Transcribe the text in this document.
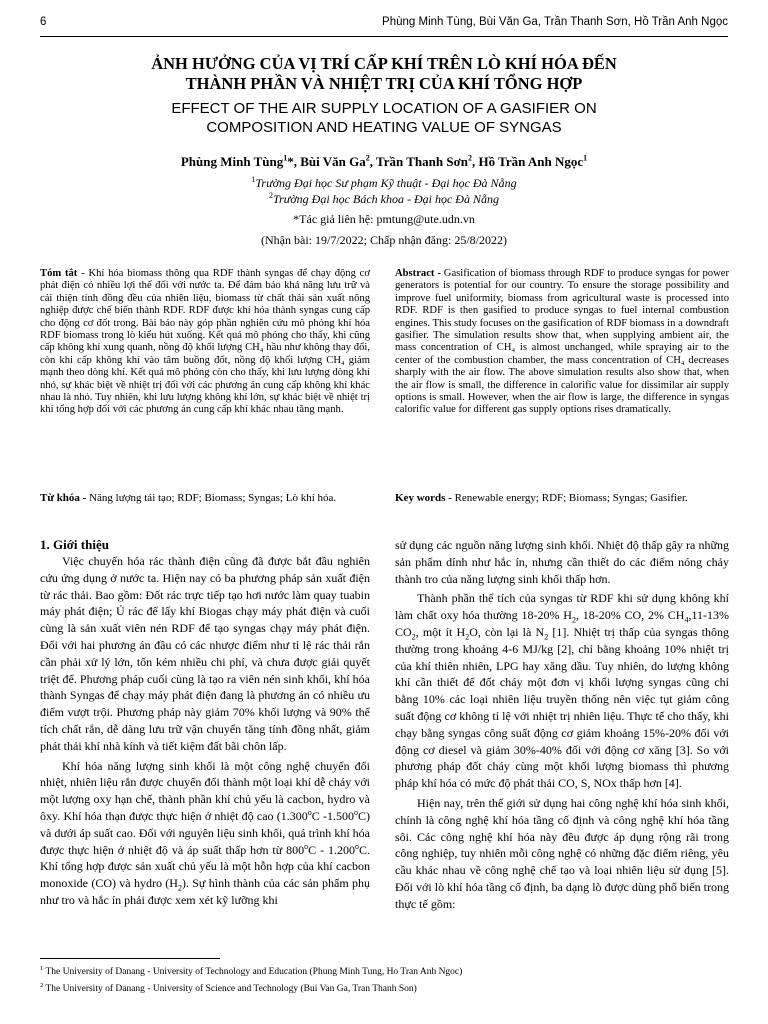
6	Phùng Minh Tùng, Bùi Văn Ga, Trần Thanh Sơn, Hồ Trần Anh Ngọc
ẢNH HƯỞNG CỦA VỊ TRÍ CẤP KHÍ TRÊN LÒ KHÍ HÓA ĐẾN
THÀNH PHẦN VÀ NHIỆT TRỊ CỦA KHÍ TỔNG HỢP
EFFECT OF THE AIR SUPPLY LOCATION OF A GASIFIER ON
COMPOSITION AND HEATING VALUE OF SYNGAS
Phùng Minh Tùng$^1$*, Bùi Văn Ga$^2$, Trần Thanh Sơn$^2$, Hồ Trần Anh Ngọc$^1$
$^1$Trường Đại học Sư phạm Kỹ thuật - Đại học Đà Nẵng
$^2$Trường Đại học Bách khoa - Đại học Đà Nẵng
*Tác giả liên hệ: pmtung@ute.udn.vn
(Nhận bài: 19/7/2022; Chấp nhận đăng: 25/8/2022)
Tóm tắt - Khí hóa biomass thông qua RDF thành syngas để chạy động cơ phát điện có nhiều lợi thế đối với nước ta. Để đảm bảo khả năng lưu trữ và cải thiện tính đồng đều của nhiên liệu, biomass từ chất thải sản xuất nông nghiệp được chế biến thành RDF. RDF được khí hóa thành syngas cung cấp cho động cơ đốt trong. Bài báo này góp phần nghiên cứu mô phỏng khí hóa RDF biomass trong lò kiểu hút xuống. Kết quả mô phỏng cho thấy, khi cũng cấp không khí xung quanh, nồng độ khối lượng CH₄ hầu như không thay đổi, còn khi cấp không khí vào tâm buồng đốt, nồng độ khối lượng CH₄ giảm mạnh theo dòng khí. Kết quả mô phỏng còn cho thấy, khi lưu lượng dòng khí nhỏ, sự khác biệt về nhiệt trị đối với các phương án cung cấp không khí khác nhau là nhỏ. Tuy nhiên, khi lưu lượng không khí lớn, sự khác biệt về nhiệt trị khí tổng hợp đối với các phương án cung cấp khí khác nhau tăng mạnh.
Abstract - Gasification of biomass through RDF to produce syngas for power generators is potential for our country. To ensure the storage possibility and improve fuel uniformity, biomass from agricultural waste is processed into RDF. RDF is then gasified to produce syngas to fuel internal combustion engines. This study focuses on the gasification of RDF biomass in a downdraft gasifier. The simulation results show that, when supplying ambient air, the mass concentration of CH₄ is almost unchanged, while spraying air to the center of the combustion chamber, the mass concentration of CH₄ decreases sharply with the air flow. The above simulation results also show that, when the air flow is small, the difference in calorific value for dissimilar air supply options is small. However, when the air flow is large, the difference in syngas calorific value for different gas supply options rises dramatically.
Từ khóa - Năng lượng tái tạo; RDF; Biomass; Syngas; Lò khí hóa.	Key words - Renewable energy; RDF; Biomass; Syngas; Gasifier.
1. Giới thiệu

Việc chuyển hóa rác thành điện cũng đã được bắt đầu nghiên cứu ứng dụng ở nước ta. Hiện nay có ba phương pháp sản xuất điện từ rác thải. Bao gồm: Đốt rác trực tiếp tạo hơi nước làm quay tuabin máy phát điện; Ủ rác để lấy khí Biogas chạy máy phát điện và cuối cùng là sản xuất viên nén RDF để tạo syngas chạy máy phát điện. Đối với hai phương án đầu có các nhược điểm như tỉ lệ rác thải rắn cần phải xử lý lớn, tốn kém nhiều chi phí, và chưa được giải quyết triệt để. Phương pháp cuối cùng là tạo ra viên nén sinh khối, khí hóa thành Syngas để chạy máy phát điện đang là phương án có nhiều ưu điểm vượt trội. Phương pháp này giảm 70% khối lượng và 90% thể tích chất rắn, dễ dàng lưu trữ vận chuyển tăng tính đồng nhất, giảm phát thải khí nhà kính và tiết kiệm đất bãi chôn lấp.

Khí hóa năng lượng sinh khối là một công nghệ chuyển đổi nhiệt, nhiên liệu rắn được chuyển đổi thành một loại khí dễ cháy với một lượng oxy hạn chế, thành phần khí chủ yếu là cacbon, hydro và ôxy. Khí hóa thạn được thực hiện ở nhiệt độ cao (1.300$^o$C -1.500$^o$C) và dưới áp suất cao. Đối với nguyên liệu sinh khối, quá trình khí hóa được thực hiện ở nhiệt độ và áp suất thấp hơn từ 800$^o$C - 1.200$^o$C. Khí tổng hợp được sản xuất chủ yếu là một hỗn hợp của khí cacbon monoxide (CO) và hydro $(H_2)$. Sự hình thành của các sản phẩm phụ như tro và hắc ín phải được xem xét kỹ lưỡng khi

sử dụng các nguồn năng lượng sinh khối. Nhiệt độ thấp gây ra những sản phẩm dính như hắc ín, nhưng cần thiết do các điểm nóng chảy thành tro của năng lượng sinh khối thấp hơn.

Thành phần thể tích của syngas từ RDF khi sử dụng không khí làm chất oxy hóa thường 18-20% $H_2$, 18-20% CO, 2% $CH_4,11-13\%$ $CO_2$, một ít $H_2O$, còn lại là $N_2$ [1]. Nhiệt trị thấp của syngas thông thường trong khoảng 4-6 MJ/kg [2], chỉ bằng khoảng 10% nhiệt trị của khí thiên nhiên, LPG hay xăng dầu. Tuy nhiên, do lượng không khí cần thiết để đốt cháy một đơn vị khối lượng syngas cũng chỉ bằng 10% các loại nhiên liệu truyền thống nên việc tụt giảm công suất động cơ không tỉ lệ với nhiệt trị nhiên liệu. Thực tế cho thấy, khi chạy bằng syngas công suất động cơ giảm khoảng 15%-20% đối với động cơ diesel và giảm 30%-40% đối với động cơ xăng [3]. So với phương pháp đốt cháy cùng một khối lượng biomass thì phương pháp khí hóa có mức độ phát thải CO, S, NOx thấp hơn [4].

Hiện nay, trên thế giới sử dụng hai công nghệ khí hóa sinh khối, chính là công nghệ khí hóa tầng cố định và công nghệ khí hóa tầng sôi. Các công nghệ khí hóa này đều được áp dụng rộng rãi trong công nghiệp, tuy nhiên mỗi công nghệ có những đặc điểm riêng, yêu cầu khác nhau về công nghệ chế tạo và loại nhiên liệu sử dụng [5]. Đối với lò khí hóa tầng cố định, ba dạng lò được dùng phổ biến trong thực tế gồm:

$^1$ The University of Danang - University of Technology and Education (Phung Minh Tung, Ho Tran Anh Ngoc)
$^2$ The University of Danang - University of Science and Technology (Bui Van Ga, Tran Thanh Son)
